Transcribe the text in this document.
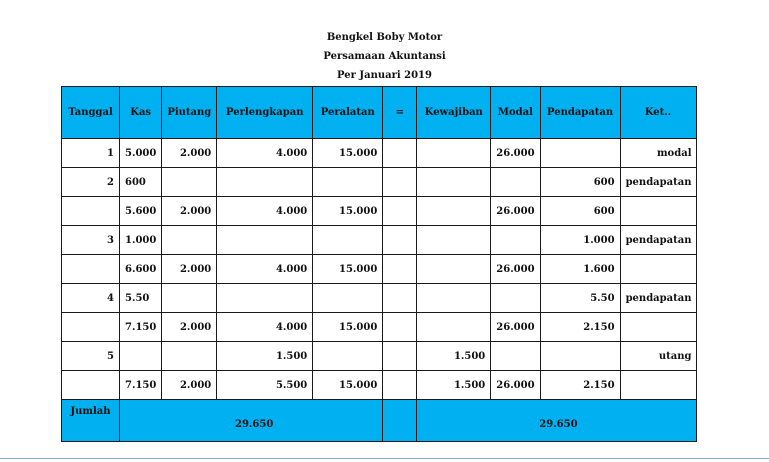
Bengkel Boby Motor
Persamaan Akuntansi
Per Januari 2019
Tanggal	Kas	Piutang	Perlengkapan	Peralatan	=	Kewajiban	Modal	Pendapatan	Ket..
1	5.000	2.000	4.000	15.000			26.000		modal
2	600							600	pendapatan
	5.600	2.000	4.000	15.000			26.000	600	
3	1.000							1.000	pendapatan
	6.600	2.000	4.000	15.000			26.000	1.600	
4	5.50							5.50	pendapatan
	7.150	2.000	4.000	15.000			26.000	2.150	
5			1.500			1.500			utang
	7.150	2.000	5.500	15.000		1.500	26.000	2.150	
Jumlah	29.650					29.650			
